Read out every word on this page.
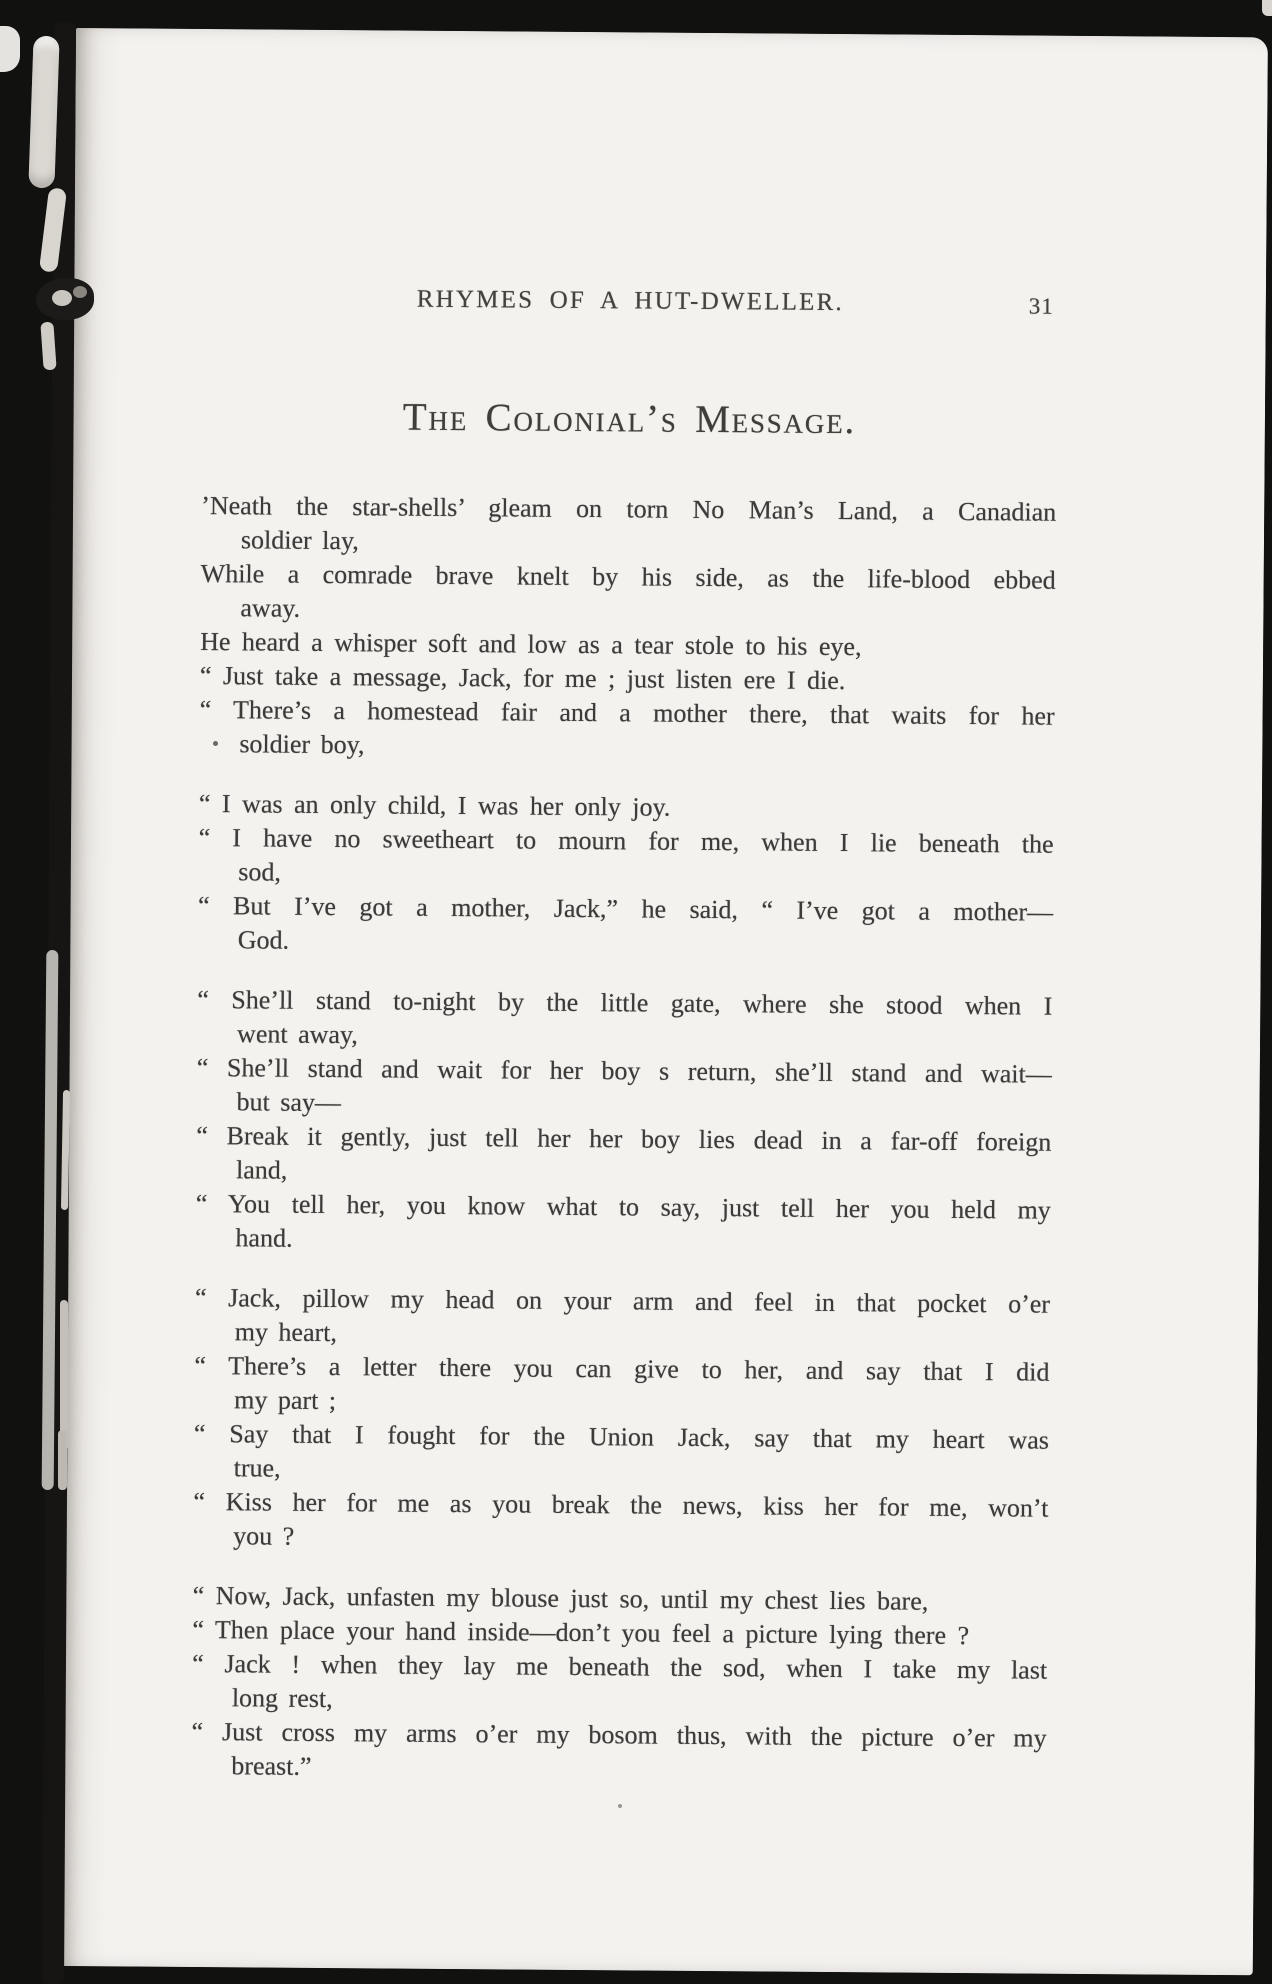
RHYMES OF A HUT-DWELLER.	31
The Colonial’s Message.
’Neath the star-shells’ gleam on torn No Man’s Land, a Canadian
soldier lay,
While a comrade brave knelt by his side, as the life-blood ebbed
away.
He heard a whisper soft and low as a tear stole to his eye,
“ Just take a message, Jack, for me ; just listen ere I die.
“ There’s a homestead fair and a mother there, that waits for her
soldier boy,
“ I was an only child, I was her only joy.
“ I have no sweetheart to mourn for me, when I lie beneath the
sod,
“ But I’ve got a mother, Jack,” he said, “ I’ve got a mother—
God.
“ She’ll stand to-night by the little gate, where she stood when I
went away,
“ She’ll stand and wait for her boy s return, she’ll stand and wait—
but say—
“ Break it gently, just tell her her boy lies dead in a far-off foreign
land,
“ You tell her, you know what to say, just tell her you held my
hand.
“ Jack, pillow my head on your arm and feel in that pocket o’er
my heart,
“ There’s a letter there you can give to her, and say that I did
my part ;
“ Say that I fought for the Union Jack, say that my heart was
true,
“ Kiss her for me as you break the news, kiss her for me, won’t
you ?
“ Now, Jack, unfasten my blouse just so, until my chest lies bare,
“ Then place your hand inside—don’t you feel a picture lying there ?
“ Jack ! when they lay me beneath the sod, when I take my last
long rest,
“ Just cross my arms o’er my bosom thus, with the picture o’er my
breast.”
